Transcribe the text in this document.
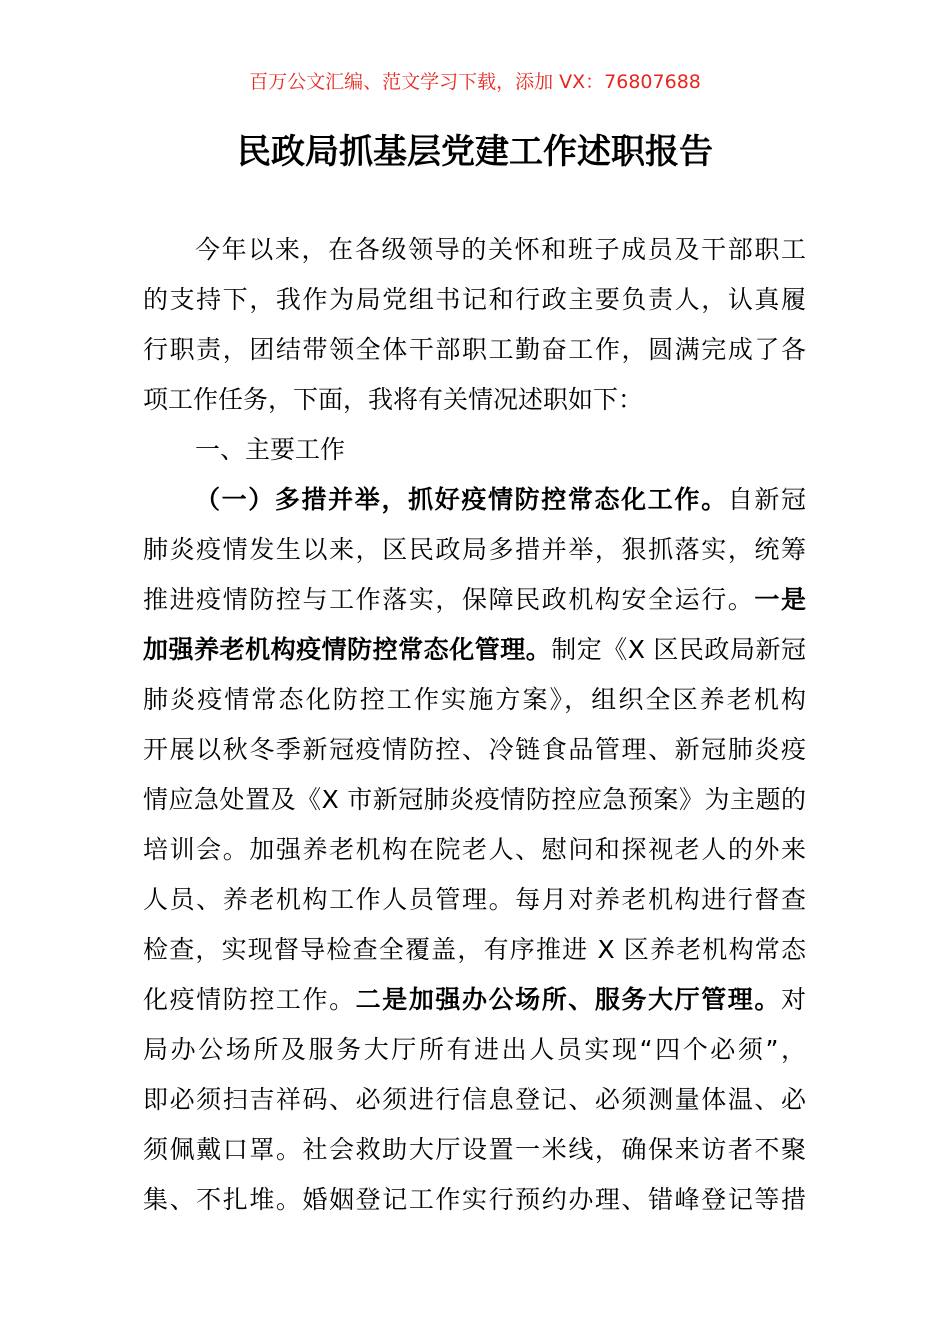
百万公文汇编、范文学习下载，添加 VX：76807688
民政局抓基层党建工作述职报告
今年以来，在各级领导的关怀和班子成员及干部职工
的支持下，我作为局党组书记和行政主要负责人，认真履
行职责，团结带领全体干部职工勤奋工作，圆满完成了各
项工作任务，下面，我将有关情况述职如下：
一、主要工作
（一）多措并举，抓好疫情防控常态化工作。自新冠
肺炎疫情发生以来，区民政局多措并举，狠抓落实，统筹
推进疫情防控与工作落实，保障民政机构安全运行。一是
加强养老机构疫情防控常态化管理。制定《X 区民政局新冠
肺炎疫情常态化防控工作实施方案》，组织全区养老机构
开展以秋冬季新冠疫情防控、冷链食品管理、新冠肺炎疫
情应急处置及《X 市新冠肺炎疫情防控应急预案》为主题的
培训会。加强养老机构在院老人、慰问和探视老人的外来
人员、养老机构工作人员管理。每月对养老机构进行督查
检查，实现督导检查全覆盖，有序推进 X 区养老机构常态
化疫情防控工作。二是加强办公场所、服务大厅管理。对
局办公场所及服务大厅所有进出人员实现“四个必须”，
即必须扫吉祥码、必须进行信息登记、必须测量体温、必
须佩戴口罩。社会救助大厅设置一米线，确保来访者不聚
集、不扎堆。婚姻登记工作实行预约办理、错峰登记等措
